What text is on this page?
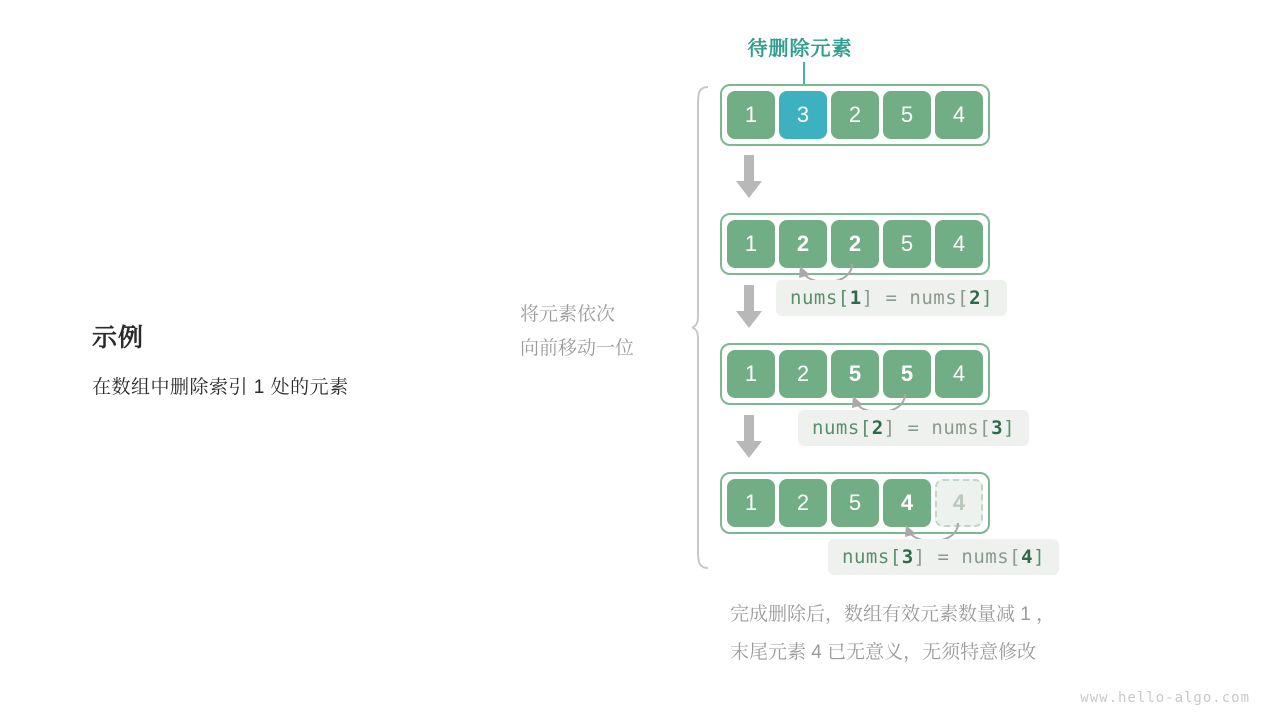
示例

在数组中删除索引 1 处的元素

将元素依次
向前移动一位
待删除元素
1	3	2	5	4
1	2	2	5	4
nums[1] = nums[2]
1	2	5	5	4
nums[2] = nums[3]
1	2	5	4	4
nums[3] = nums[4]
完成删除后，数组有效元素数量减 1 ，
末尾元素 4 已无意义，无须特意修改
www.hello-algo.com
